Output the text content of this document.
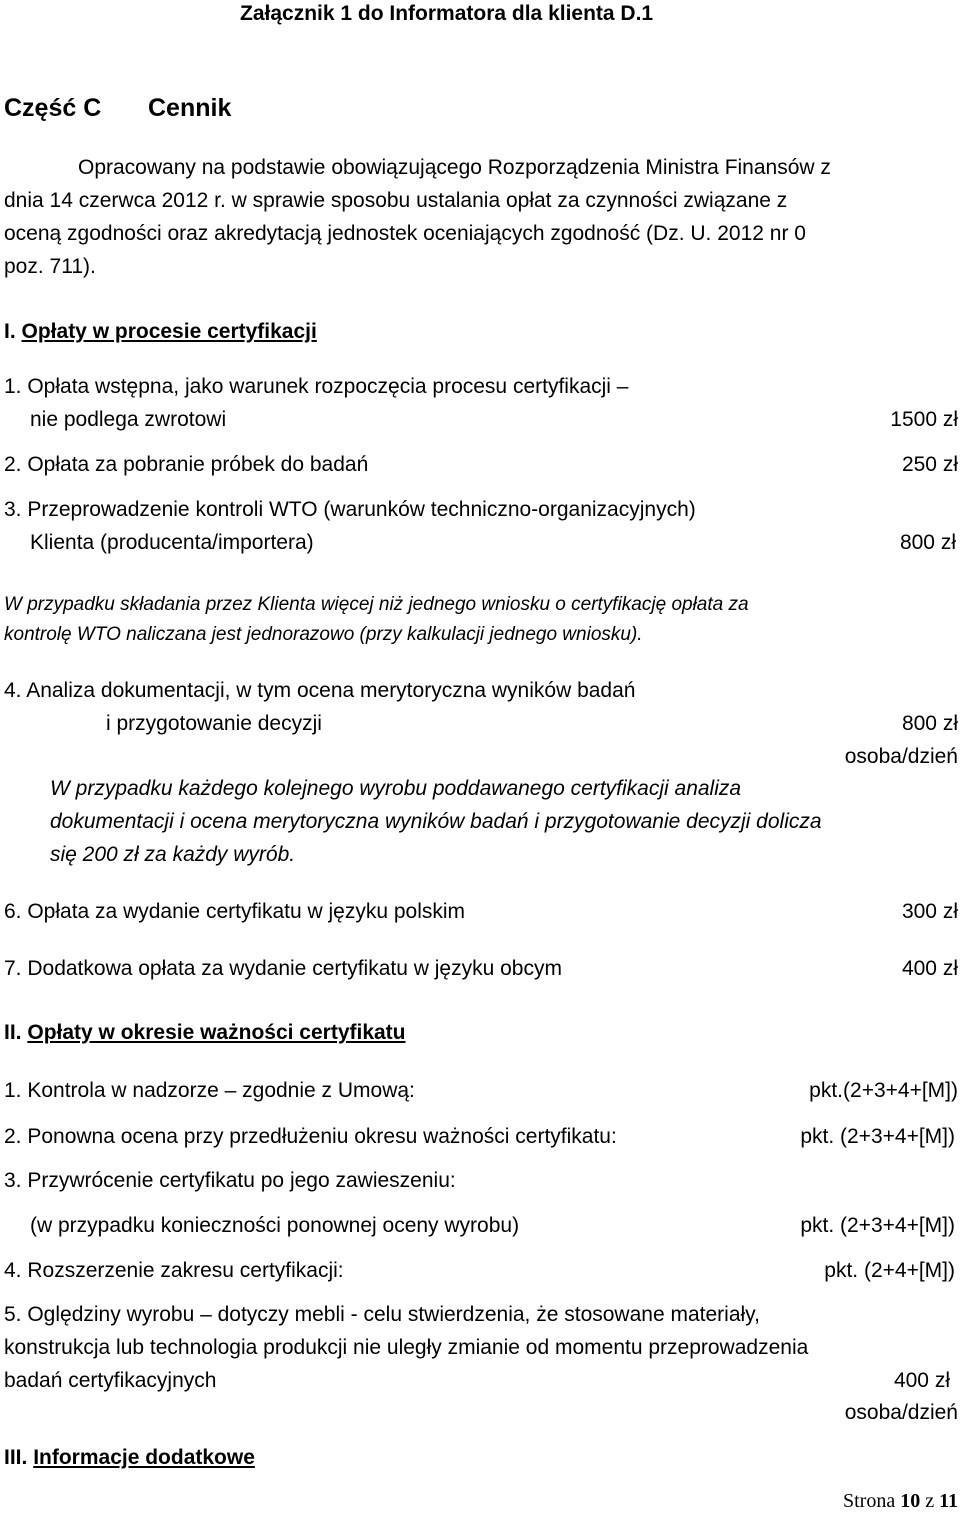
Załącznik 1 do Informatora dla klienta D.1
Część C Cennik
Opracowany na podstawie obowiązującego Rozporządzenia Ministra Finansów z
dnia 14 czerwca 2012 r. w sprawie sposobu ustalania opłat za czynności związane z
oceną zgodności oraz akredytacją jednostek oceniających zgodność (Dz. U. 2012 nr 0
poz. 711).
I. Opłaty w procesie certyfikacji
1. Opłata wstępna, jako warunek rozpoczęcia procesu certyfikacji –
nie podlega zwrotowi	1500 zł
2. Opłata za pobranie próbek do badań	250 zł
3. Przeprowadzenie kontroli WTO (warunków techniczno-organizacyjnych)
Klienta (producenta/importera)	800 zł
W przypadku składania przez Klienta więcej niż jednego wniosku o certyfikację opłata za
kontrolę WTO naliczana jest jednorazowo (przy kalkulacji jednego wniosku).
4. Analiza dokumentacji, w tym ocena merytoryczna wyników badań
i przygotowanie decyzji	800 zł
osoba/dzień
W przypadku każdego kolejnego wyrobu poddawanego certyfikacji analiza
dokumentacji i ocena merytoryczna wyników badań i przygotowanie decyzji dolicza
się 200 zł za każdy wyrób.
6. Opłata za wydanie certyfikatu w języku polskim	300 zł
7. Dodatkowa opłata za wydanie certyfikatu w języku obcym	400 zł
II. Opłaty w okresie ważności certyfikatu
1. Kontrola w nadzorze – zgodnie z Umową:	pkt.(2+3+4+[M])
2. Ponowna ocena przy przedłużeniu okresu ważności certyfikatu:	pkt. (2+3+4+[M])
3. Przywrócenie certyfikatu po jego zawieszeniu:
(w przypadku konieczności ponownej oceny wyrobu)	pkt. (2+3+4+[M])
4. Rozszerzenie zakresu certyfikacji:	pkt. (2+4+[M])
5. Oględziny wyrobu – dotyczy mebli - celu stwierdzenia, że stosowane materiały,
konstrukcja lub technologia produkcji nie uległy zmianie od momentu przeprowadzenia
badań certyfikacyjnych	400 zł
osoba/dzień
III. Informacje dodatkowe
Strona 10 z 11
